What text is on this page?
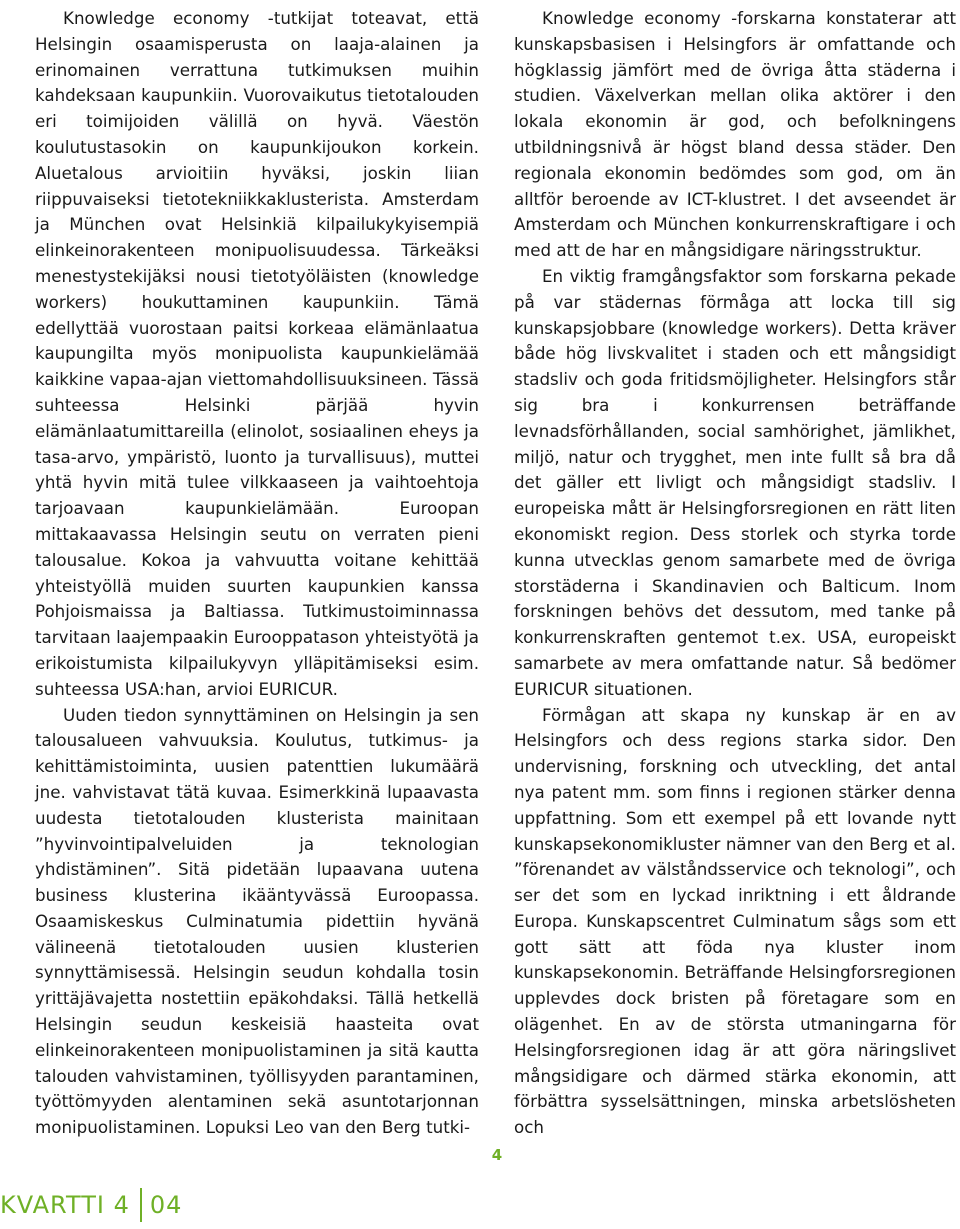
Knowledge economy -tutkijat toteavat, että Helsingin osaamisperusta on laaja-alainen ja erinomainen verrattuna tutkimuksen muihin kahdeksaan kaupunkiin. Vuorovaikutus tietotalouden eri toimijoiden välillä on hyvä. Väestön koulutustasokin on kaupunkijoukon korkein. Aluetalous arvioitiin hyväksi, joskin liian riippuvaiseksi tietotekniikkaklusterista. Amsterdam ja München ovat Helsinkiä kilpailukykyisempiä elinkeinorakenteen monipuolisuudessa. Tärkeäksi menestystekijäksi nousi tietotyöläisten (knowledge workers) houkuttaminen kaupunkiin. Tämä edellyttää vuorostaan paitsi korkeaa elämänlaatua kaupungilta myös monipuolista kaupunkielämää kaikkine vapaa-ajan viettomahdollisuuksineen. Tässä suhteessa Helsinki pärjää hyvin elämänlaatumittareilla (elinolot, sosiaalinen eheys ja tasa-arvo, ympäristö, luonto ja turvallisuus), muttei yhtä hyvin mitä tulee vilkkaaseen ja vaihtoehtoja tarjoavaan kaupunkielämään. Euroopan mittakaavassa Helsingin seutu on verraten pieni talousalue. Kokoa ja vahvuutta voitane kehittää yhteistyöllä muiden suurten kaupunkien kanssa Pohjoismaissa ja Baltiassa. Tutkimustoiminnassa tarvitaan laajempaakin Eurooppatason yhteistyötä ja erikoistumista kilpailukyvyn ylläpitämiseksi esim. suhteessa USA:han, arvioi EURICUR.

Uuden tiedon synnyttäminen on Helsingin ja sen talousalueen vahvuuksia. Koulutus, tutkimus- ja kehittämistoiminta, uusien patenttien lukumäärä jne. vahvistavat tätä kuvaa. Esimerkkinä lupaavasta uudesta tietotalouden klusterista mainitaan ”hyvinvointipalveluiden ja teknologian yhdistäminen”. Sitä pidetään lupaavana uutena business klusterina ikääntyvässä Euroopassa. Osaamiskeskus Culminatumia pidettiin hyvänä välineenä tietotalouden uusien klusterien synnyttämisessä. Helsingin seudun kohdalla tosin yrittäjävajetta nostettiin epäkohdaksi. Tällä hetkellä Helsingin seudun keskeisiä haasteita ovat elinkeinorakenteen monipuolistaminen ja sitä kautta talouden vahvistaminen, työllisyyden parantaminen, työttömyyden alentaminen sekä asuntotarjonnan monipuolistaminen. Lopuksi Leo van den Berg tutki-

Knowledge economy -forskarna konstaterar att kunskapsbasisen i Helsingfors är omfattande och högklassig jämfört med de övriga åtta städerna i studien. Växelverkan mellan olika aktörer i den lokala ekonomin är god, och befolkningens utbildningsnivå är högst bland dessa städer. Den regionala ekonomin bedömdes som god, om än alltför beroende av ICT-klustret. I det avseendet är Amsterdam och München konkurrenskraftigare i och med att de har en mångsidigare näringsstruktur.

En viktig framgångsfaktor som forskarna pekade på var städernas förmåga att locka till sig kunskapsjobbare (knowledge workers). Detta kräver både hög livskvalitet i staden och ett mångsidigt stadsliv och goda fritidsmöjligheter. Helsingfors står sig bra i konkurrensen beträffande levnadsförhållanden, social samhörighet, jämlikhet, miljö, natur och trygghet, men inte fullt så bra då det gäller ett livligt och mångsidigt stadsliv. I europeiska mått är Helsingforsregionen en rätt liten ekonomiskt region. Dess storlek och styrka torde kunna utvecklas genom samarbete med de övriga storstäderna i Skandinavien och Balticum. Inom forskningen behövs det dessutom, med tanke på konkurrenskraften gentemot t.ex. USA, europeiskt samarbete av mera omfattande natur. Så bedömer EURICUR situationen.

Förmågan att skapa ny kunskap är en av Helsingfors och dess regions starka sidor. Den undervisning, forskning och utveckling, det antal nya patent mm. som finns i regionen stärker denna uppfattning. Som ett exempel på ett lovande nytt kunskapsekonomikluster nämner van den Berg et al. ”förenandet av välståndsservice och teknologi”, och ser det som en lyckad inriktning i ett åldrande Europa. Kunskapscentret Culminatum sågs som ett gott sätt att föda nya kluster inom kunskapsekonomin. Beträffande Helsingforsregionen upplevdes dock bristen på företagare som en olägenhet. En av de största utmaningarna för Helsingforsregionen idag är att göra näringslivet mångsidigare och därmed stärka ekonomin, att förbättra sysselsättningen, minska arbetslösheten och

4
KVARTTI 4 04
